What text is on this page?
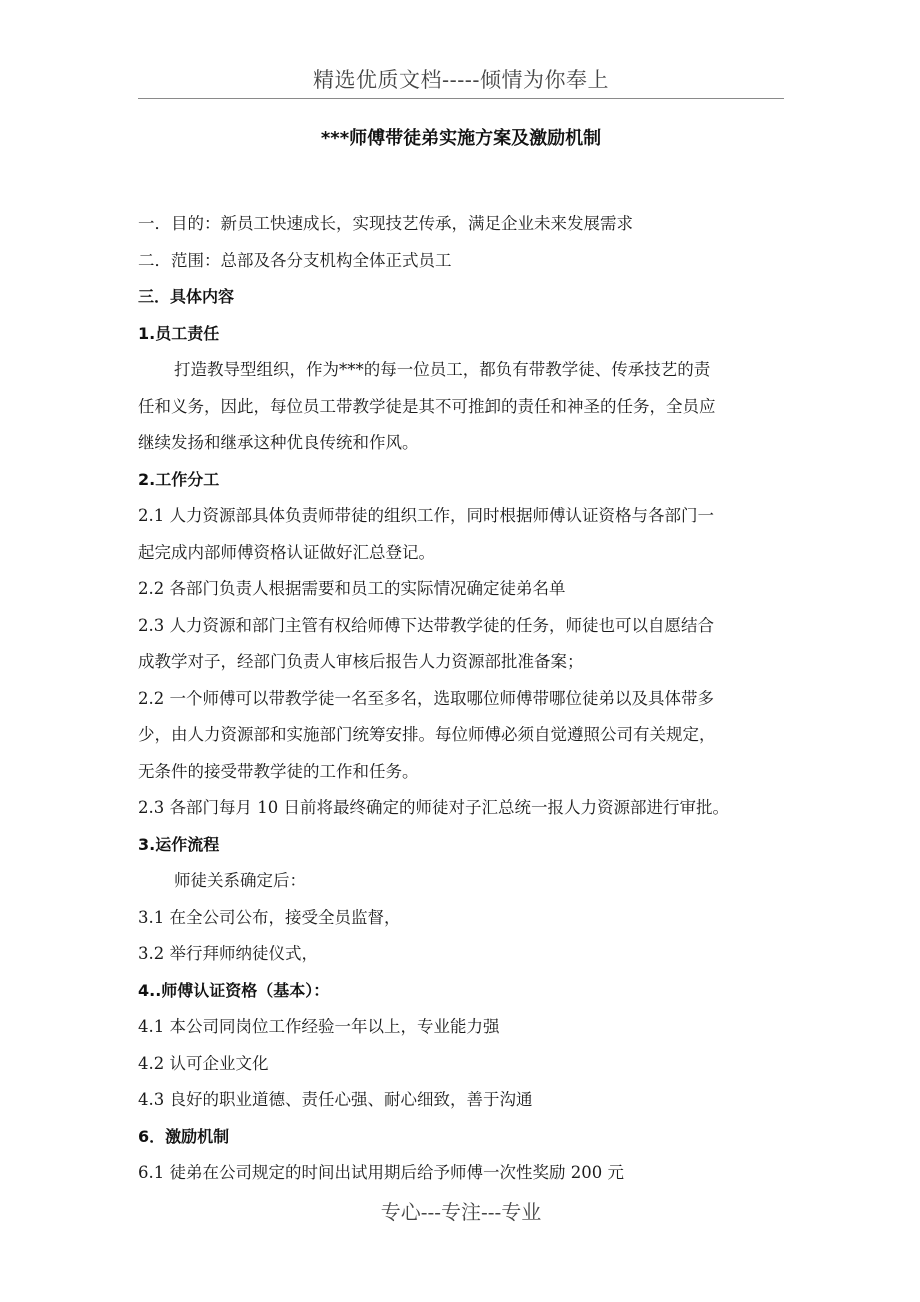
精选优质文档-----倾情为你奉上
***师傅带徒弟实施方案及激励机制
一．目的：新员工快速成长，实现技艺传承，满足企业未来发展需求
二．范围：总部及各分支机构全体正式员工
三．具体内容
1.员工责任
打造教导型组织，作为***的每一位员工，都负有带教学徒、传承技艺的责
任和义务，因此，每位员工带教学徒是其不可推卸的责任和神圣的任务，全员应
继续发扬和继承这种优良传统和作风。
2.工作分工
2.1 人力资源部具体负责师带徒的组织工作，同时根据师傅认证资格与各部门一
起完成内部师傅资格认证做好汇总登记。
2.2 各部门负责人根据需要和员工的实际情况确定徒弟名单
2.3 人力资源和部门主管有权给师傅下达带教学徒的任务，师徒也可以自愿结合
成教学对子，经部门负责人审核后报告人力资源部批准备案；
2.2 一个师傅可以带教学徒一名至多名，选取哪位师傅带哪位徒弟以及具体带多
少，由人力资源部和实施部门统筹安排。每位师傅必须自觉遵照公司有关规定，
无条件的接受带教学徒的工作和任务。
2.3 各部门每月 10 日前将最终确定的师徒对子汇总统一报人力资源部进行审批。
3.运作流程
师徒关系确定后：
3.1 在全公司公布，接受全员监督，
3.2 举行拜师纳徒仪式，
4..师傅认证资格（基本）：
4.1 本公司同岗位工作经验一年以上，专业能力强
4.2 认可企业文化
4.3 良好的职业道德、责任心强、耐心细致，善于沟通
6．激励机制
6.1 徒弟在公司规定的时间出试用期后给予师傅一次性奖励 200 元
专心---专注---专业
